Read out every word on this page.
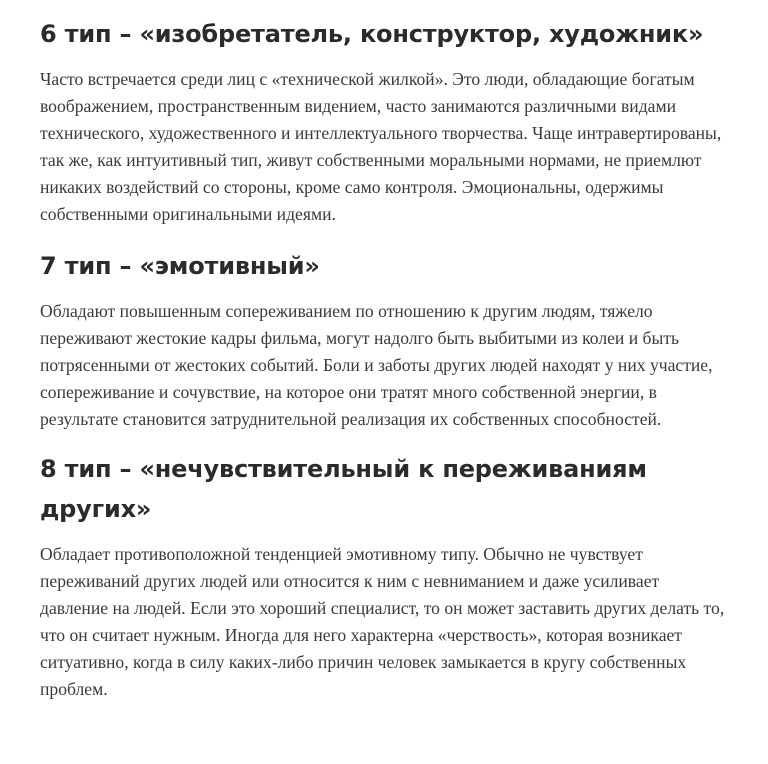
6 тип – «изобретатель, конструктор, художник»

Часто встречается среди лиц с «технической жилкой». Это люди, обладающие богатым воображением, пространственным видением, часто занимаются различными видами технического, художественного и интеллектуального творчества. Чаще интравертированы, так же, как интуитивный тип, живут собственными моральными нормами, не приемлют никаких воздействий со стороны, кроме само контроля. Эмоциональны, одержимы собственными оригинальными идеями.

7 тип – «эмотивный»

Обладают повышенным сопереживанием по отношению к другим людям, тяжело переживают жестокие кадры фильма, могут надолго быть выбитыми из колеи и быть потрясенными от жестоких событий. Боли и заботы других людей находят у них участие, сопереживание и сочувствие, на которое они тратят много собственной энергии, в результате становится затруднительной реализация их собственных способностей.

8 тип – «нечувствительный к переживаниям других»

Обладает противоположной тенденцией эмотивному типу. Обычно не чувствует переживаний других людей или относится к ним с невниманием и даже усиливает давление на людей. Если это хороший специалист, то он может заставить других делать то, что он считает нужным. Иногда для него характерна «черствость», которая возникает ситуативно, когда в силу каких-либо причин человек замыкается в кругу собственных проблем.
